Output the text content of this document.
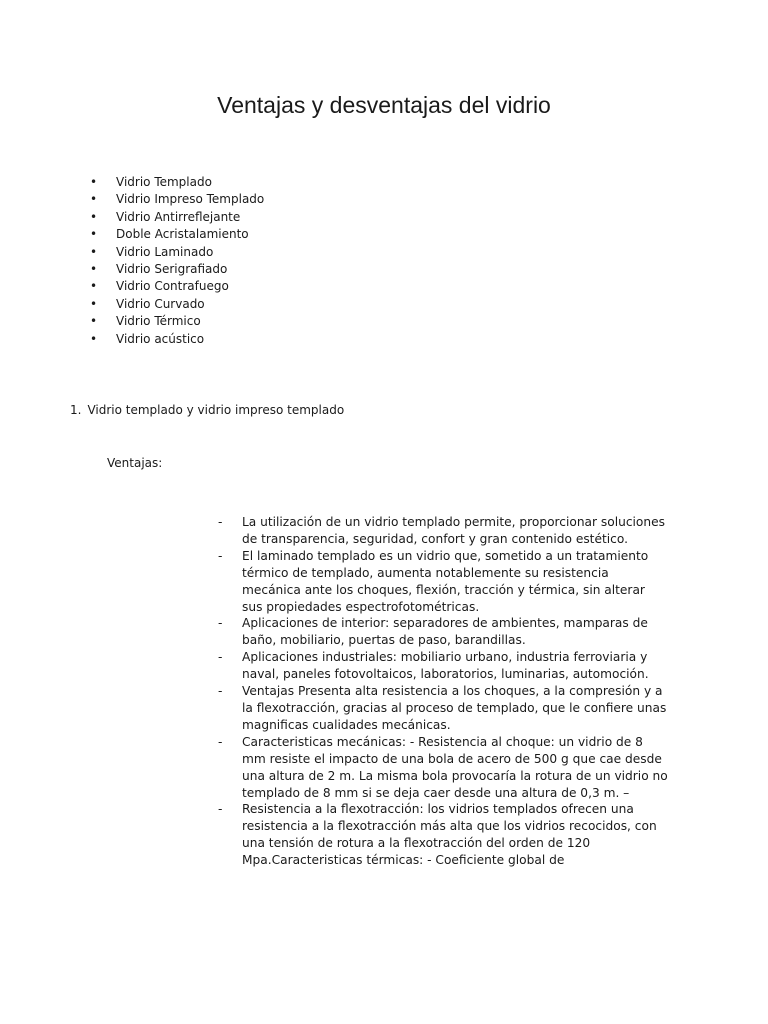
Ventajas y desventajas del vidrio
• Vidrio Templado
• Vidrio Impreso Templado
• Vidrio Antirreflejante
• Doble Acristalamiento
• Vidrio Laminado
• Vidrio Serigrafiado
• Vidrio Contrafuego
• Vidrio Curvado
• Vidrio Térmico
• Vidrio acústico
1. Vidrio templado y vidrio impreso templado
Ventajas:
- La utilización de un vidrio templado permite, proporcionar soluciones de transparencia, seguridad, confort y gran contenido estético.
- El laminado templado es un vidrio que, sometido a un tratamiento térmico de templado, aumenta notablemente su resistencia mecánica ante los choques, flexión, tracción y térmica, sin alterar sus propiedades espectrofotométricas.
- Aplicaciones de interior: separadores de ambientes, mamparas de baño, mobiliario, puertas de paso, barandillas.
- Aplicaciones industriales: mobiliario urbano, industria ferroviaria y naval, paneles fotovoltaicos, laboratorios, luminarias, automoción.
- Ventajas Presenta alta resistencia a los choques, a la compresión y a la flexotracción, gracias al proceso de templado, que le confiere unas magnificas cualidades mecánicas.
- Caracteristicas mecánicas: - Resistencia al choque: un vidrio de 8 mm resiste el impacto de una bola de acero de 500 g que cae desde una altura de 2 m. La misma bola provocaría la rotura de un vidrio no templado de 8 mm si se deja caer desde una altura de 0,3 m. –
- Resistencia a la flexotracción: los vidrios templados ofrecen una resistencia a la flexotracción más alta que los vidrios recocidos, con una tensión de rotura a la flexotracción del orden de 120 Mpa.Caracteristicas térmicas: - Coeficiente global de
